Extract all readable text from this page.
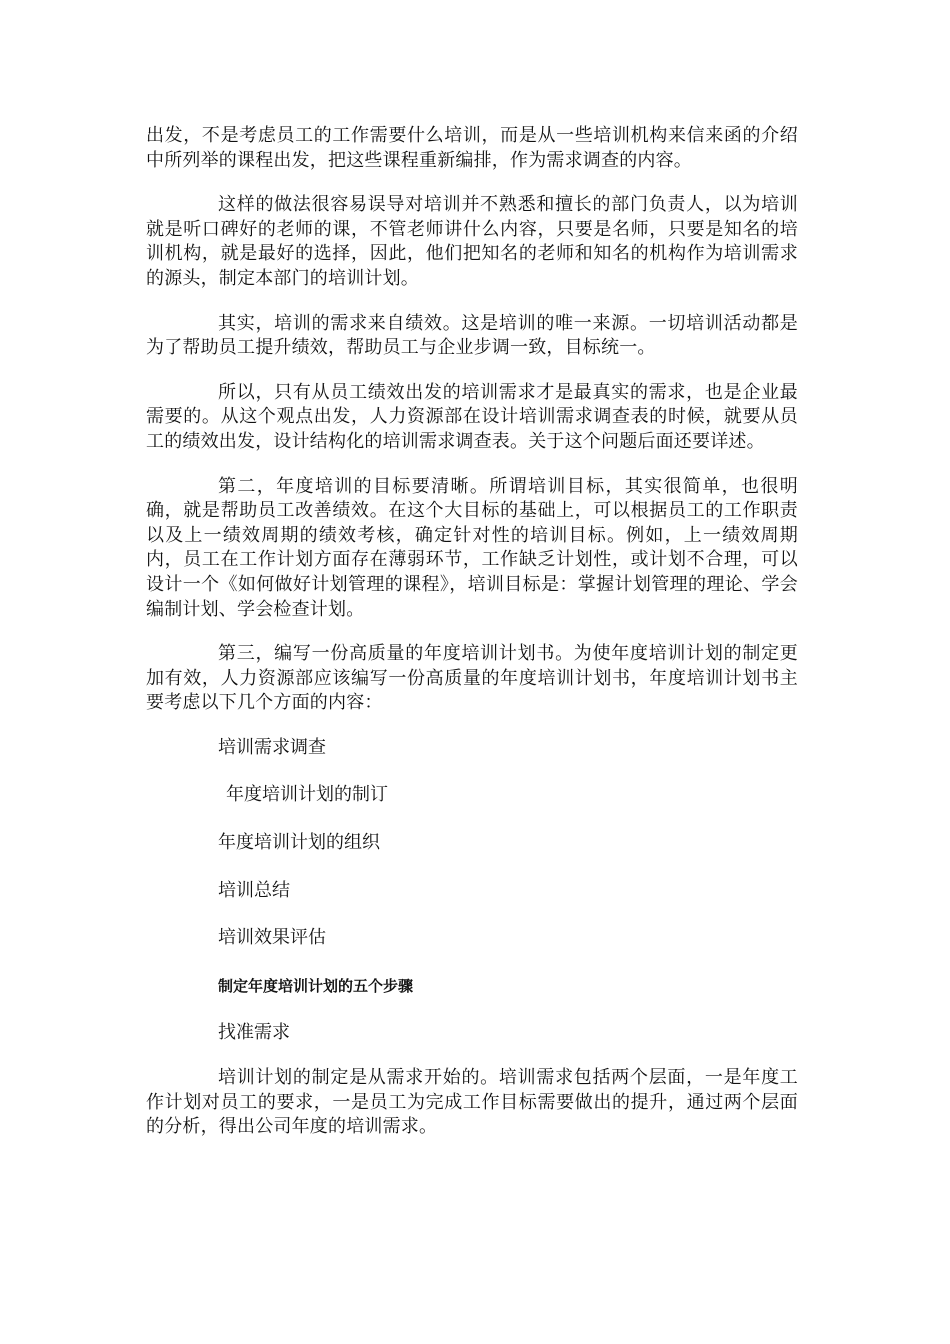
出发，不是考虑员工的工作需要什么培训，而是从一些培训机构来信来函的介绍中所列举的课程出发，把这些课程重新编排，作为需求调查的内容。

这样的做法很容易误导对培训并不熟悉和擅长的部门负责人，以为培训就是听口碑好的老师的课，不管老师讲什么内容，只要是名师，只要是知名的培训机构，就是最好的选择，因此，他们把知名的老师和知名的机构作为培训需求的源头，制定本部门的培训计划。

其实，培训的需求来自绩效。这是培训的唯一来源。一切培训活动都是为了帮助员工提升绩效，帮助员工与企业步调一致，目标统一。

所以，只有从员工绩效出发的培训需求才是最真实的需求，也是企业最需要的。从这个观点出发，人力资源部在设计培训需求调查表的时候，就要从员工的绩效出发，设计结构化的培训需求调查表。关于这个问题后面还要详述。

第二，年度培训的目标要清晰。所谓培训目标，其实很简单，也很明确，就是帮助员工改善绩效。在这个大目标的基础上，可以根据员工的工作职责以及上一绩效周期的绩效考核，确定针对性的培训目标。例如，上一绩效周期内，员工在工作计划方面存在薄弱环节，工作缺乏计划性，或计划不合理，可以设计一个《如何做好计划管理的课程》，培训目标是：掌握计划管理的理论、学会编制计划、学会检查计划。

第三，编写一份高质量的年度培训计划书。为使年度培训计划的制定更加有效，人力资源部应该编写一份高质量的年度培训计划书，年度培训计划书主要考虑以下几个方面的内容：

培训需求调查
年度培训计划的制订
年度培训计划的组织
培训总结
培训效果评估
制定年度培训计划的五个步骤
找准需求

培训计划的制定是从需求开始的。培训需求包括两个层面，一是年度工作计划对员工的要求，一是员工为完成工作目标需要做出的提升，通过两个层面的分析，得出公司年度的培训需求。
